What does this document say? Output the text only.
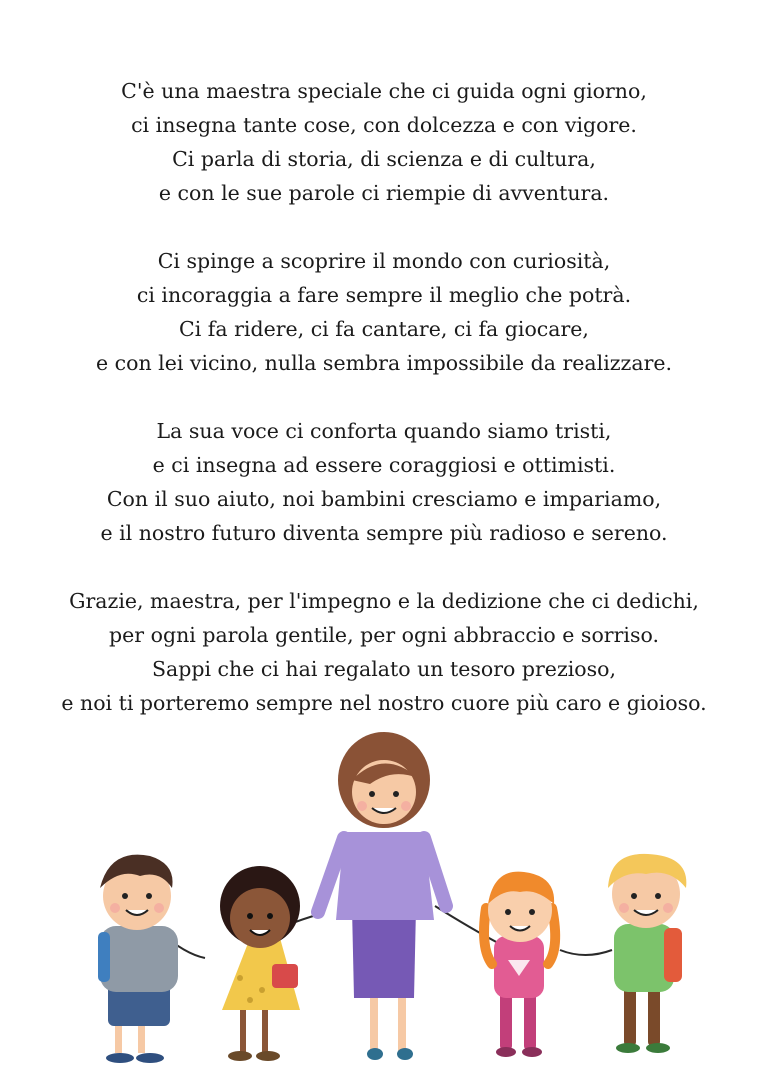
C'è una maestra speciale che ci guida ogni giorno,
ci insegna tante cose, con dolcezza e con vigore.
Ci parla di storia, di scienza e di cultura,
e con le sue parole ci riempie di avventura.
Ci spinge a scoprire il mondo con curiosità,
ci incoraggia a fare sempre il meglio che potrà.
Ci fa ridere, ci fa cantare, ci fa giocare,
e con lei vicino, nulla sembra impossibile da realizzare.
La sua voce ci conforta quando siamo tristi,
e ci insegna ad essere coraggiosi e ottimisti.
Con il suo aiuto, noi bambini cresciamo e impariamo,
e il nostro futuro diventa sempre più radioso e sereno.
Grazie, maestra, per l'impegno e la dedizione che ci dedichi,
per ogni parola gentile, per ogni abbraccio e sorriso.
Sappi che ci hai regalato un tesoro prezioso,
e noi ti porteremo sempre nel nostro cuore più caro e gioioso.
